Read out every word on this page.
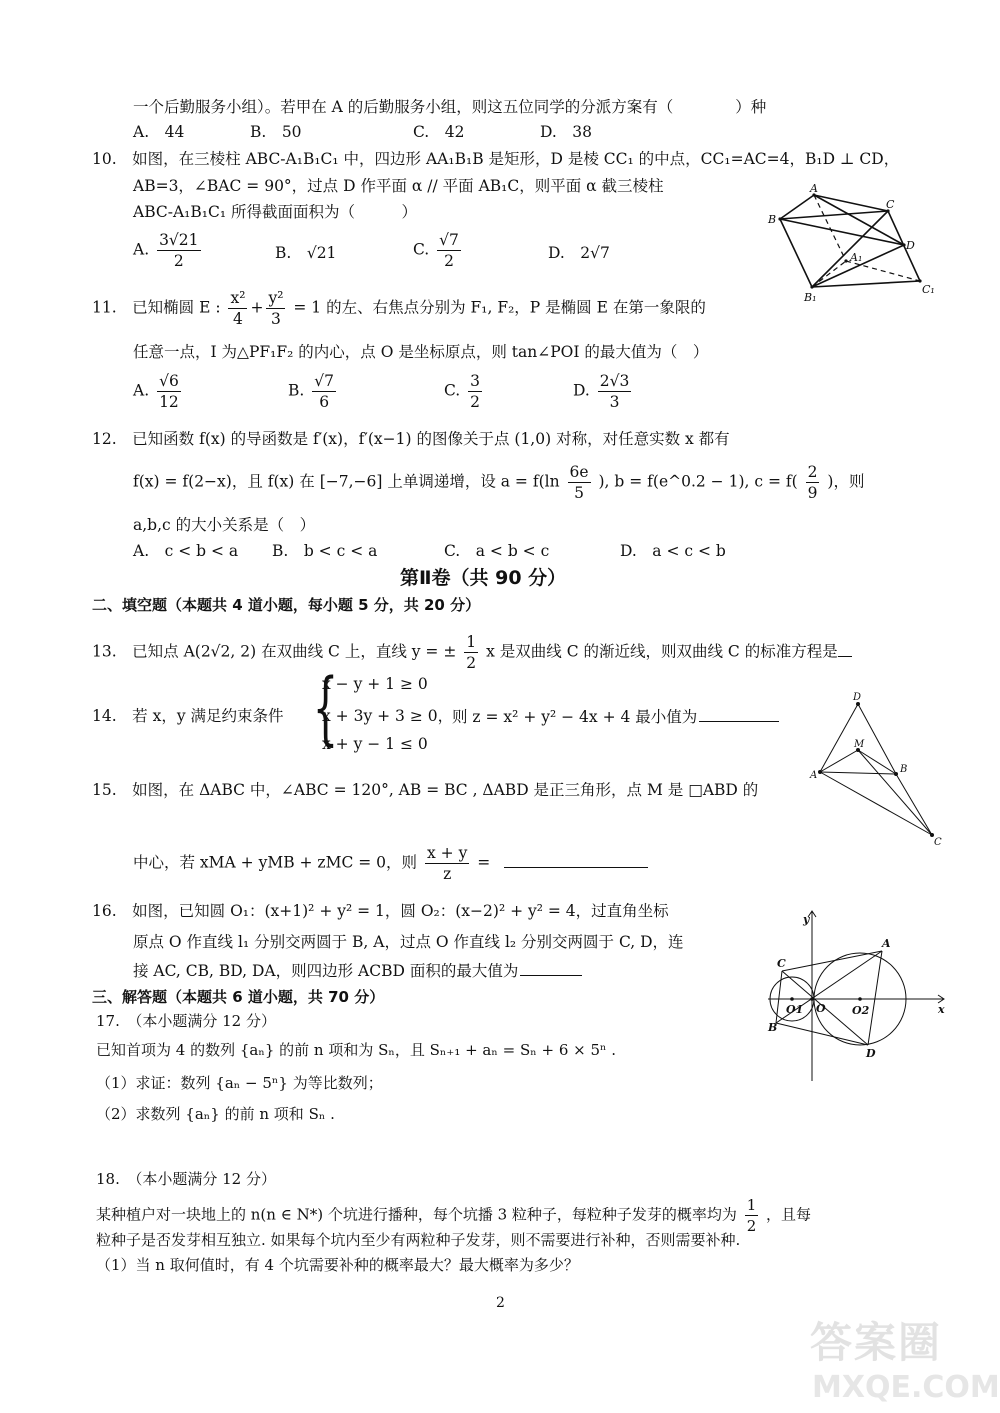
一个后勤服务小组）。若甲在 A 的后勤服务小组，则这五位同学的分派方案有（　　　　）种
A.　44	B.　50	C.　42	D.　38
10.　如图，在三棱柱 ABC-A₁B₁C₁ 中，四边形 AA₁B₁B 是矩形，D 是棱 CC₁ 的中点，CC₁=AC=4，B₁D ⊥ CD，
AB=3，∠BAC = 90°，过点 D 作平面 α // 平面 AB₁C，则平面 α 截三棱柱
ABC-A₁B₁C₁ 所得截面面积为（　　　）
A. $\frac{3√21}{2}$	B.　√21	C. $\frac{√7}{2}$	D.　2√7
A
B
C
D
A₁
B₁
C₁
11.　已知椭圆 E : $\frac{\text{x²}}{4} + \frac{\text{y²}}{3} = 1$ 的左、右焦点分别为 F₁, F₂，P 是椭圆 E 在第一象限的
任意一点，I 为△PF₁F₂ 的内心，点 O 是坐标原点，则 tan∠POI 的最大值为（　）
A. $\frac{√6}{12}$	B. $\frac{√7}{6}$	C. $\frac{3}{2}$	D. $\frac{2√3}{3}$
12.　已知函数 f(x) 的导函数是 f′(x)，f′(x−1) 的图像关于点 (1,0) 对称，对任意实数 x 都有
f(x) = f(2−x)，且 f(x) 在 [−7,−6] 上单调递增，设 $a = f(\ln \frac{6e}{5}$ ), b = f(e^0.2 − 1), $c = f( \frac{2}{9}$ )，则
a,b,c 的大小关系是（　）
A.　c < b < a B.　b < c < a	C.　a < b < c	D.　a < c < b
第Ⅱ卷（共 90 分）
二、填空题（本题共 4 道小题，每小题 5 分，共 20 分）
13.　已知点 A(2√2, 2) 在双曲线 C 上，直线 y = ± $\frac{1}{2}$ x 是双曲线 C 的渐近线，则双曲线 C 的标准方程是
14.　若 x，y 满足约束条件 {
x − y + 1 ≥ 0
x + 3y + 3 ≥ 0，
x + y − 1 ≤ 0
则 z = x² + y² − 4x + 4 最小值为
D
A
B
C
M
15.　如图，在 ΔABC 中，∠ABC = 120°, AB = BC , ΔABD 是正三角形，点 M 是 □ABD 的
中心，若 xMA + yMB + zMC = 0，则 $\frac{x + y}{z}$ =
16.　如图，已知圆 O₁：(x+1)² + y² = 1，圆 O₂：(x−2)² + y² = 4，过直角坐标
原点 O 作直线 l₁ 分别交两圆于 B, A，过点 O 作直线 l₂ 分别交两圆于 C, D，连
接 AC, CB, BD, DA，则四边形 ACBD 面积的最大值为
y
x
O
O1	O2
A
B
C
D
三、解答题（本题共 6 道小题，共 70 分）
17.　（本小题满分 12 分）
已知首项为 4 的数列 {aₙ} 的前 n 项和为 Sₙ，且 Sₙ₊₁ + aₙ = Sₙ + 6 × 5ⁿ .
（1）求证：数列 {aₙ − 5ⁿ} 为等比数列；
（2）求数列 {aₙ} 的前 n 项和 Sₙ .
18.　（本小题满分 12 分）
某种植户对一块地上的 n(n ∈ N*) 个坑进行播种，每个坑播 3 粒种子，每粒种子发芽的概率均为 $\frac{1}{2}$ ，且每
粒种子是否发芽相互独立. 如果每个坑内至少有两粒种子发芽，则不需要进行补种，否则需要补种.
（1）当 n 取何值时，有 4 个坑需要补种的概率最大？最大概率为多少？
2
答案圈
MXQE.COM
